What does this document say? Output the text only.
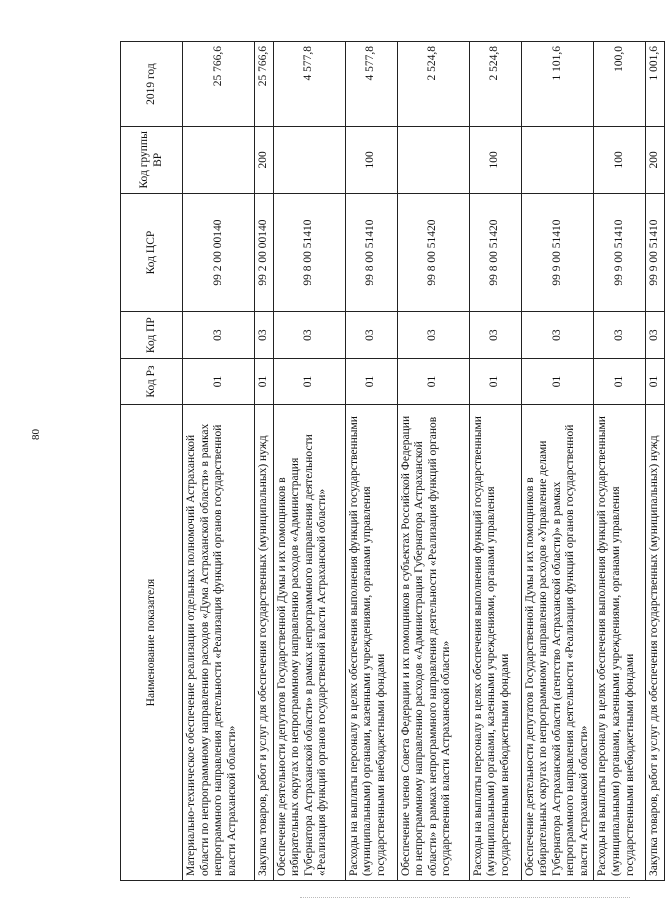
80
Наименование показателя	Код Рз	Код ПР	Код ЦСР	Код группы ВР	2019 год
Материально-техническое обеспечение реализации отдельных полномочий Астраханской области по непрограммному направлению расходов «Дума Астраханской области» в рамках непрограммного направления деятельности «Реализация функций органов государственной власти Астраханской области»	01	03	99 2 00 00140		25 766,6
Закупка товаров, работ и услуг для обеспечения государственных (муниципальных) нужд	01	03	99 2 00 00140	200	25 766,6
Обеспечение деятельности депутатов Государственной Думы и их помощников в избирательных округах по непрограммному направлению расходов «Администрация Губернатора Астраханской области» в рамках непрограммного направления деятельности «Реализация функций органов государственной власти Астраханской области»	01	03	99 8 00 51410		4 577,8
Расходы на выплаты персоналу в целях обеспечения выполнения функций государственными (муниципальными) органами, казенными учреждениями, органами управления государственными внебюджетными фондами	01	03	99 8 00 51410	100	4 577,8
Обеспечение членов Совета Федерации и их помощников в субъектах Российской Федерации по непрограммному направлению расходов «Администрация Губернатора Астраханской области» в рамках непрограммного направления деятельности «Реализация функций органов государственной власти Астраханской области»	01	03	99 8 00 51420		2 524,8
Расходы на выплаты персоналу в целях обеспечения выполнения функций государственными (муниципальными) органами, казенными учреждениями, органами управления государственными внебюджетными фондами	01	03	99 8 00 51420	100	2 524,8
Обеспечение деятельности депутатов Государственной Думы и их помощников в избирательных округах по непрограммному направлению расходов «Управление делами Губернатора Астраханской области (агентство Астраханской области)» в рамках непрограммного направления деятельности «Реализация функций органов государственной власти Астраханской области»	01	03	99 9 00 51410		1 101,6
Расходы на выплаты персоналу в целях обеспечения выполнения функций государственными (муниципальными) органами, казенными учреждениями, органами управления государственными внебюджетными фондами	01	03	99 9 00 51410	100	100,0
Закупка товаров, работ и услуг для обеспечения государственных (муниципальных) нужд	01	03	99 9 00 51410	200	1 001,6
